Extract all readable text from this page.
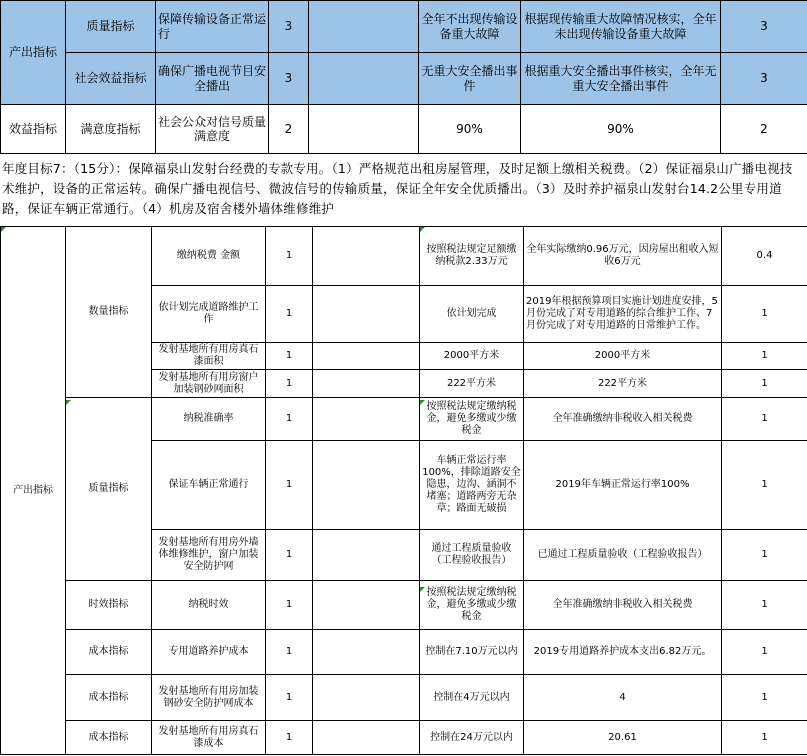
产出指标	质量指标	保障传输设备正常运行	3		全年不出现传输设备重大故障	根据现传输重大故障情况核实，全年未出现传输设备重大故障	3
	社会效益指标	确保广播电视节目安全播出	3		无重大安全播出事件	根据重大安全播出事件核实，全年无重大安全播出事件	3
效益指标	满意度指标	社会公众对信号质量满意度	2		90%	90%	2
年度目标7：（15分）：保障福泉山发射台经费的专款专用。（1）严格规范出租房屋管理，及时足额上缴相关税费。（2）保证福泉山广播电视技术维护，设备的正常运转。确保广播电视信号、微波信号的传输质量，保证全年安全优质播出。（3）及时养护福泉山发射台14.2公里专用道路，保证车辆正常通行。（4）机房及宿舍楼外墙体维修维护
产出指标	数量指标	缴纳税费 金额	1		按照税法规定足额缴纳税款2.33万元	全年实际缴纳0.96万元，因房屋出租收入短收6万元	0.4
		依计划完成道路维护工作	1		依计划完成	2019年根据预算项目实施计划进度安排，5月份完成了对专用道路的综合维护工作、7月份完成了对专用道路的日常维护工作。	1
		发射基地所有用房真石漆面积	1		2000平方米	2000平方米	1
		发射基地所有用房窗户加装钢砂网面积	1		222平方米	222平方米	1
	质量指标	纳税准确率	1		按照税法规定缴纳税金，避免多缴或少缴税金	全年准确缴纳非税收入相关税费	1
		保证车辆正常通行	1		车辆正常运行率100%，排除道路安全隐患，边沟、涵洞不堵塞；道路两旁无杂草；路面无破损	2019年车辆正常运行率100%	1
		发射基地所有用房外墙体维修维护，窗户加装安全防护网	1		通过工程质量验收（工程验收报告）	已通过工程质量验收（工程验收报告）	1
	时效指标	纳税时效	1		按照税法规定缴纳税金，避免多缴或少缴税金	全年准确缴纳非税收入相关税费	1
	成本指标	专用道路养护成本	1		控制在7.10万元以内	2019专用道路养护成本支出6.82万元。	1
	成本指标	发射基地所有用房加装钢砂安全防护网成本	1		控制在4万元以内	4	1
	成本指标	发射基地所有用房真石漆成本	1		控制在24万元以内	20.61	1
